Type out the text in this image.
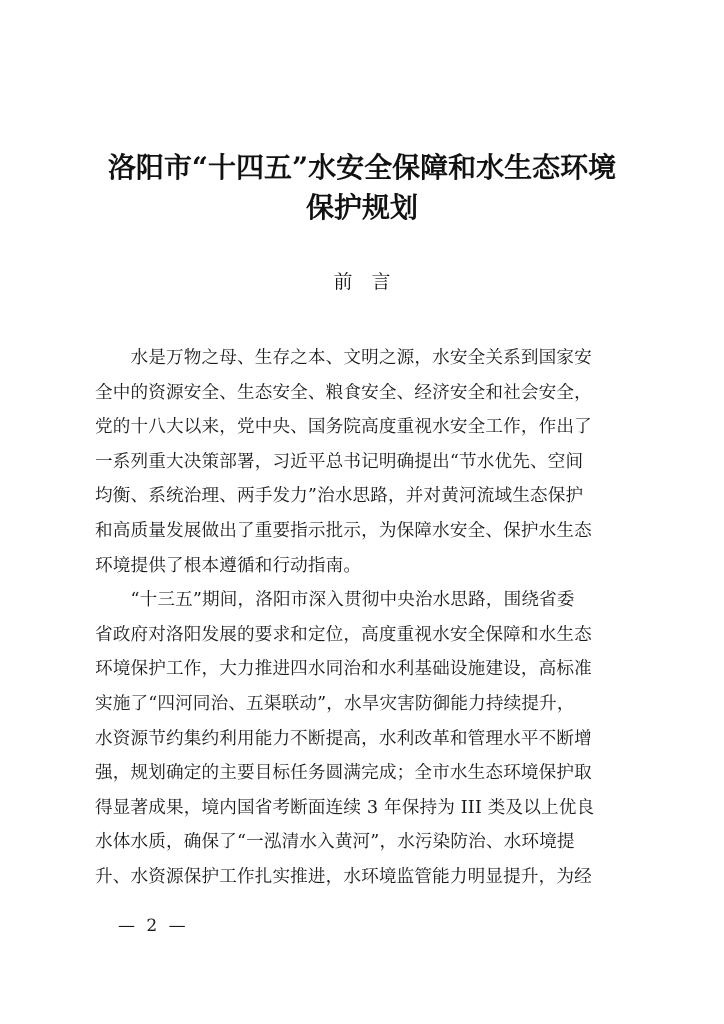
洛阳市“十四五”水安全保障和水生态环境
保护规划
前　言
　　水是万物之母、生存之本、文明之源，水安全关系到国家安
全中的资源安全、生态安全、粮食安全、经济安全和社会安全，
党的十八大以来，党中央、国务院高度重视水安全工作，作出了
一系列重大决策部署，习近平总书记明确提出“节水优先、空间
均衡、系统治理、两手发力”治水思路，并对黄河流域生态保护
和高质量发展做出了重要指示批示，为保障水安全、保护水生态
环境提供了根本遵循和行动指南。
　　“十三五”期间，洛阳市深入贯彻中央治水思路，围绕省委
省政府对洛阳发展的要求和定位，高度重视水安全保障和水生态
环境保护工作，大力推进四水同治和水利基础设施建设，高标准
实施了“四河同治、五渠联动”，水旱灾害防御能力持续提升，
水资源节约集约利用能力不断提高，水利改革和管理水平不断增
强，规划确定的主要目标任务圆满完成；全市水生态环境保护取
得显著成果，境内国省考断面连续 3 年保持为 III 类及以上优良
水体水质，确保了“一泓清水入黄河”，水污染防治、水环境提
升、水资源保护工作扎实推进，水环境监管能力明显提升，为经
— 2 —
